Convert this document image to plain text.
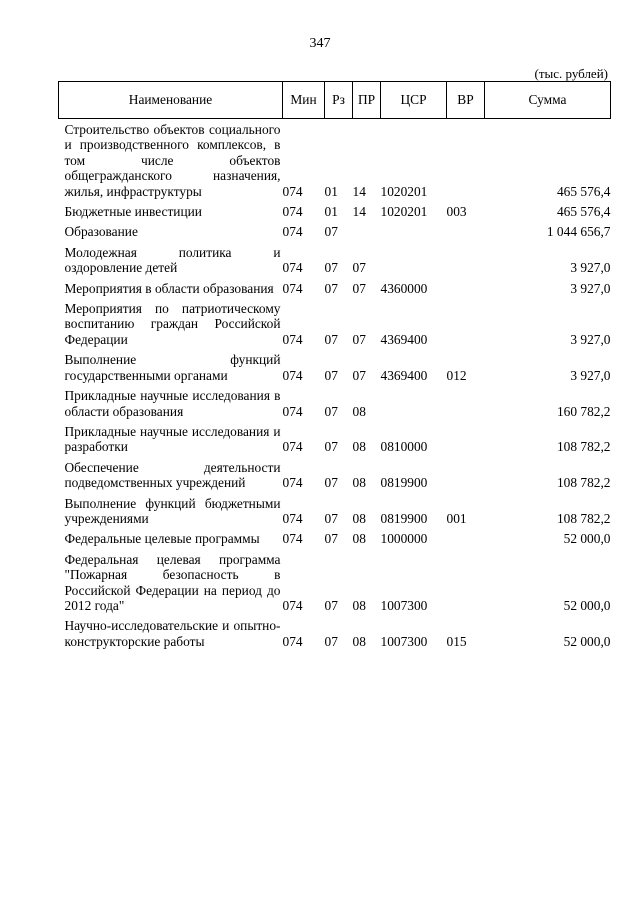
347
(тыс. рублей)
Наименование	Мин	Рз	ПР	ЦСР	ВР	Сумма
Строительство объектов социального и производственного комплексов, в том числе объектов общегражданского назначения, жилья, инфраструктуры	074	01	14	1020201		465 576,4
Бюджетные инвестиции	074	01	14	1020201	003	465 576,4
Образование	074	07				1 044 656,7
Молодежная политика и оздоровление детей	074	07	07			3 927,0
Мероприятия в области образования	074	07	07	4360000		3 927,0
Мероприятия по патриотическому воспитанию граждан Российской Федерации	074	07	07	4369400		3 927,0
Выполнение функций государственными органами	074	07	07	4369400	012	3 927,0
Прикладные научные исследования в области образования	074	07	08			160 782,2
Прикладные научные исследования и разработки	074	07	08	0810000		108 782,2
Обеспечение деятельности подведомственных учреждений	074	07	08	0819900		108 782,2
Выполнение функций бюджетными учреждениями	074	07	08	0819900	001	108 782,2
Федеральные целевые программы	074	07	08	1000000		52 000,0
Федеральная целевая программа "Пожарная безопасность в Российской Федерации на период до 2012 года"	074	07	08	1007300		52 000,0
Научно-исследовательские и опытно-конструкторские работы	074	07	08	1007300	015	52 000,0
